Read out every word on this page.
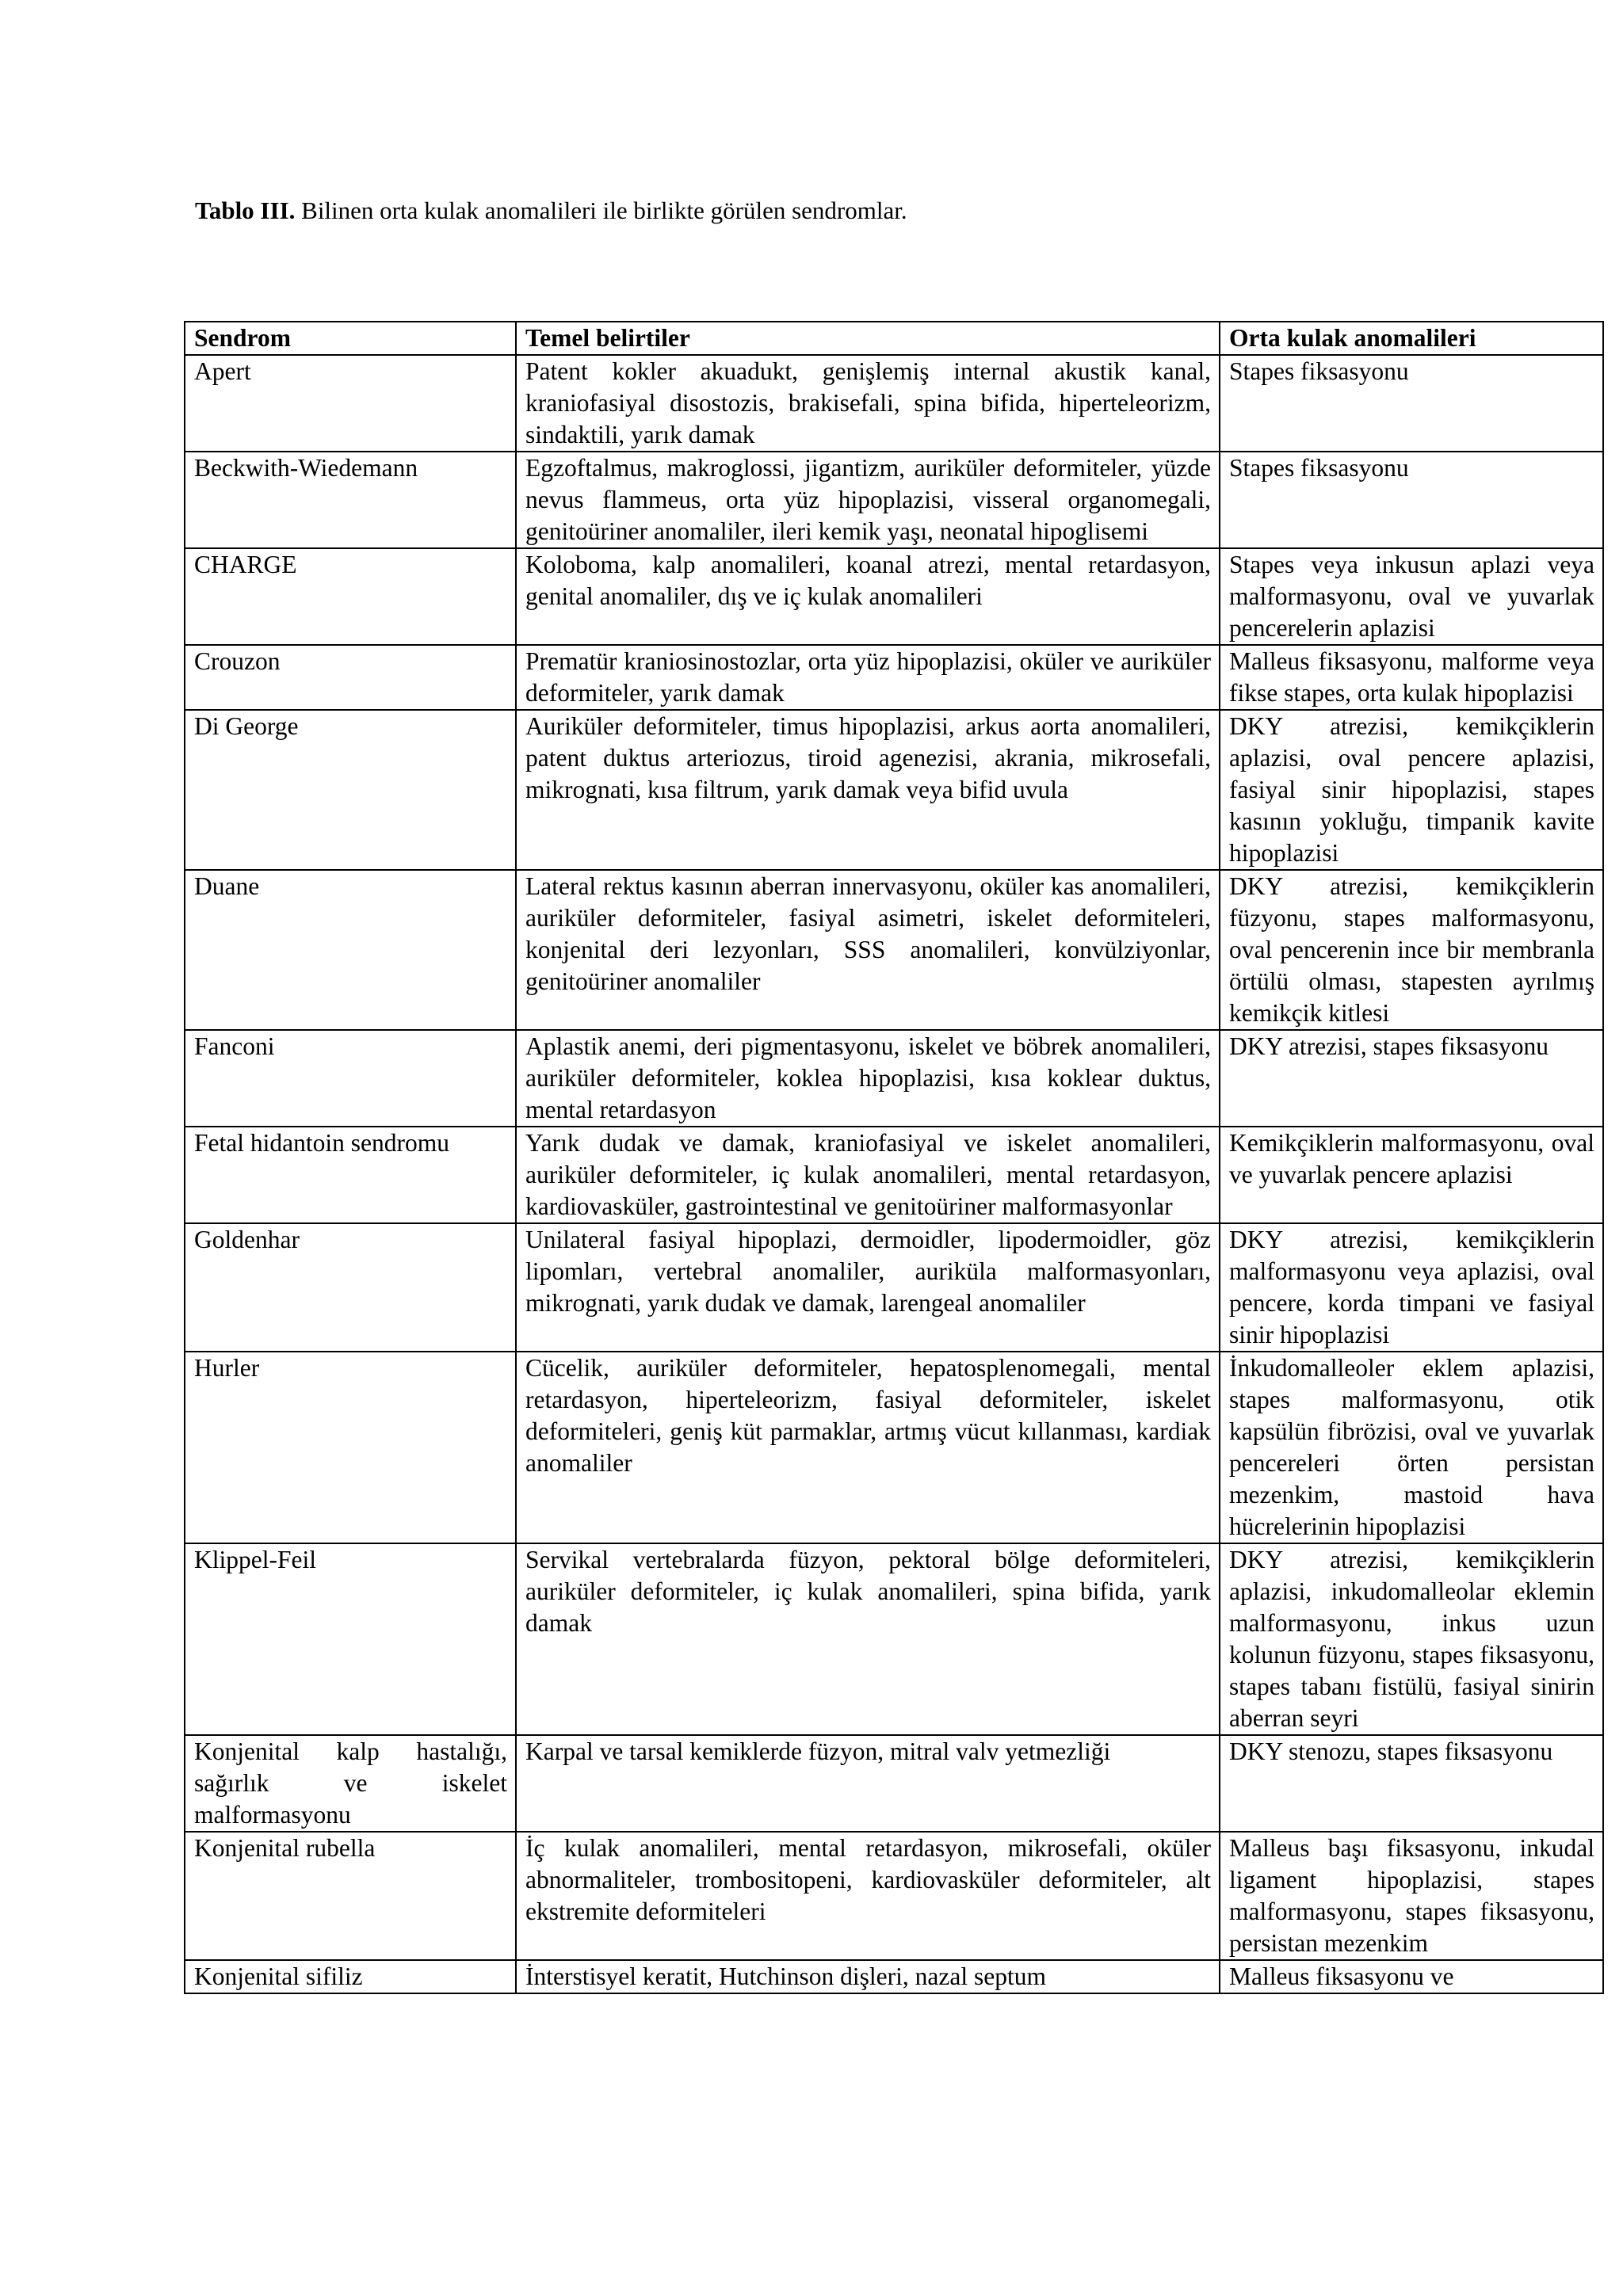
Tablo III. Bilinen orta kulak anomalileri ile birlikte görülen sendromlar.
Sendrom	Temel belirtiler	Orta kulak anomalileri
Apert	Patent kokler akuadukt, genişlemiş internal akustik kanal, kraniofasiyal disostozis, brakisefali, spina bifida, hiperteleorizm, sindaktili, yarık damak	Stapes fiksasyonu
Beckwith-Wiedemann	Egzoftalmus, makroglossi, jigantizm, auriküler deformiteler, yüzde nevus flammeus, orta yüz hipoplazisi, visseral organomegali, genitoüriner anomaliler, ileri kemik yaşı, neonatal hipoglisemi	Stapes fiksasyonu
CHARGE	Koloboma, kalp anomalileri, koanal atrezi, mental retardasyon, genital anomaliler, dış ve iç kulak anomalileri	Stapes veya inkusun aplazi veya malformasyonu, oval ve yuvarlak pencerelerin aplazisi
Crouzon	Prematür kraniosinostozlar, orta yüz hipoplazisi, oküler ve auriküler deformiteler, yarık damak	Malleus fiksasyonu, malforme veya fikse stapes, orta kulak hipoplazisi
Di George	Auriküler deformiteler, timus hipoplazisi, arkus aorta anomalileri, patent duktus arteriozus, tiroid agenezisi, akrania, mikrosefali, mikrognati, kısa filtrum, yarık damak veya bifid uvula	DKY atrezisi, kemikçiklerin aplazisi, oval pencere aplazisi, fasiyal sinir hipoplazisi, stapes kasının yokluğu, timpanik kavite hipoplazisi
Duane	Lateral rektus kasının aberran innervasyonu, oküler kas anomalileri, auriküler deformiteler, fasiyal asimetri, iskelet deformiteleri, konjenital deri lezyonları, SSS anomalileri, konvülziyonlar, genitoüriner anomaliler	DKY atrezisi, kemikçiklerin füzyonu, stapes malformasyonu, oval pencerenin ince bir membranla örtülü olması, stapesten ayrılmış kemikçik kitlesi
Fanconi	Aplastik anemi, deri pigmentasyonu, iskelet ve böbrek anomalileri, auriküler deformiteler, koklea hipoplazisi, kısa koklear duktus, mental retardasyon	DKY atrezisi, stapes fiksasyonu
Fetal hidantoin sendromu	Yarık dudak ve damak, kraniofasiyal ve iskelet anomalileri, auriküler deformiteler, iç kulak anomalileri, mental retardasyon, kardiovasküler, gastrointestinal ve genitoüriner malformasyonlar	Kemikçiklerin malformasyonu, oval ve yuvarlak pencere aplazisi
Goldenhar	Unilateral fasiyal hipoplazi, dermoidler, lipodermoidler, göz lipomları, vertebral anomaliler, auriküla malformasyonları, mikrognati, yarık dudak ve damak, larengeal anomaliler	DKY atrezisi, kemikçiklerin malformasyonu veya aplazisi, oval pencere, korda timpani ve fasiyal sinir hipoplazisi
Hurler	Cücelik, auriküler deformiteler, hepatosplenomegali, mental retardasyon, hiperteleorizm, fasiyal deformiteler, iskelet deformiteleri, geniş küt parmaklar, artmış vücut kıllanması, kardiak anomaliler	İnkudomalleoler eklem aplazisi, stapes malformasyonu, otik kapsülün fibrözisi, oval ve yuvarlak pencereleri örten persistan mezenkim, mastoid hava hücrelerinin hipoplazisi
Klippel-Feil	Servikal vertebralarda füzyon, pektoral bölge deformiteleri, auriküler deformiteler, iç kulak anomalileri, spina bifida, yarık damak	DKY atrezisi, kemikçiklerin aplazisi, inkudomalleolar eklemin malformasyonu, inkus uzun kolunun füzyonu, stapes fiksasyonu, stapes tabanı fistülü, fasiyal sinirin aberran seyri
Konjenital kalp hastalığı, sağırlık ve iskelet malformasyonu	Karpal ve tarsal kemiklerde füzyon, mitral valv yetmezliği	DKY stenozu, stapes fiksasyonu
Konjenital rubella	İç kulak anomalileri, mental retardasyon, mikrosefali, oküler abnormaliteler, trombositopeni, kardiovasküler deformiteler, alt ekstremite deformiteleri	Malleus başı fiksasyonu, inkudal ligament hipoplazisi, stapes malformasyonu, stapes fiksasyonu, persistan mezenkim
Konjenital sifiliz	İnterstisyel keratit, Hutchinson dişleri, nazal septum	Malleus fiksasyonu ve
